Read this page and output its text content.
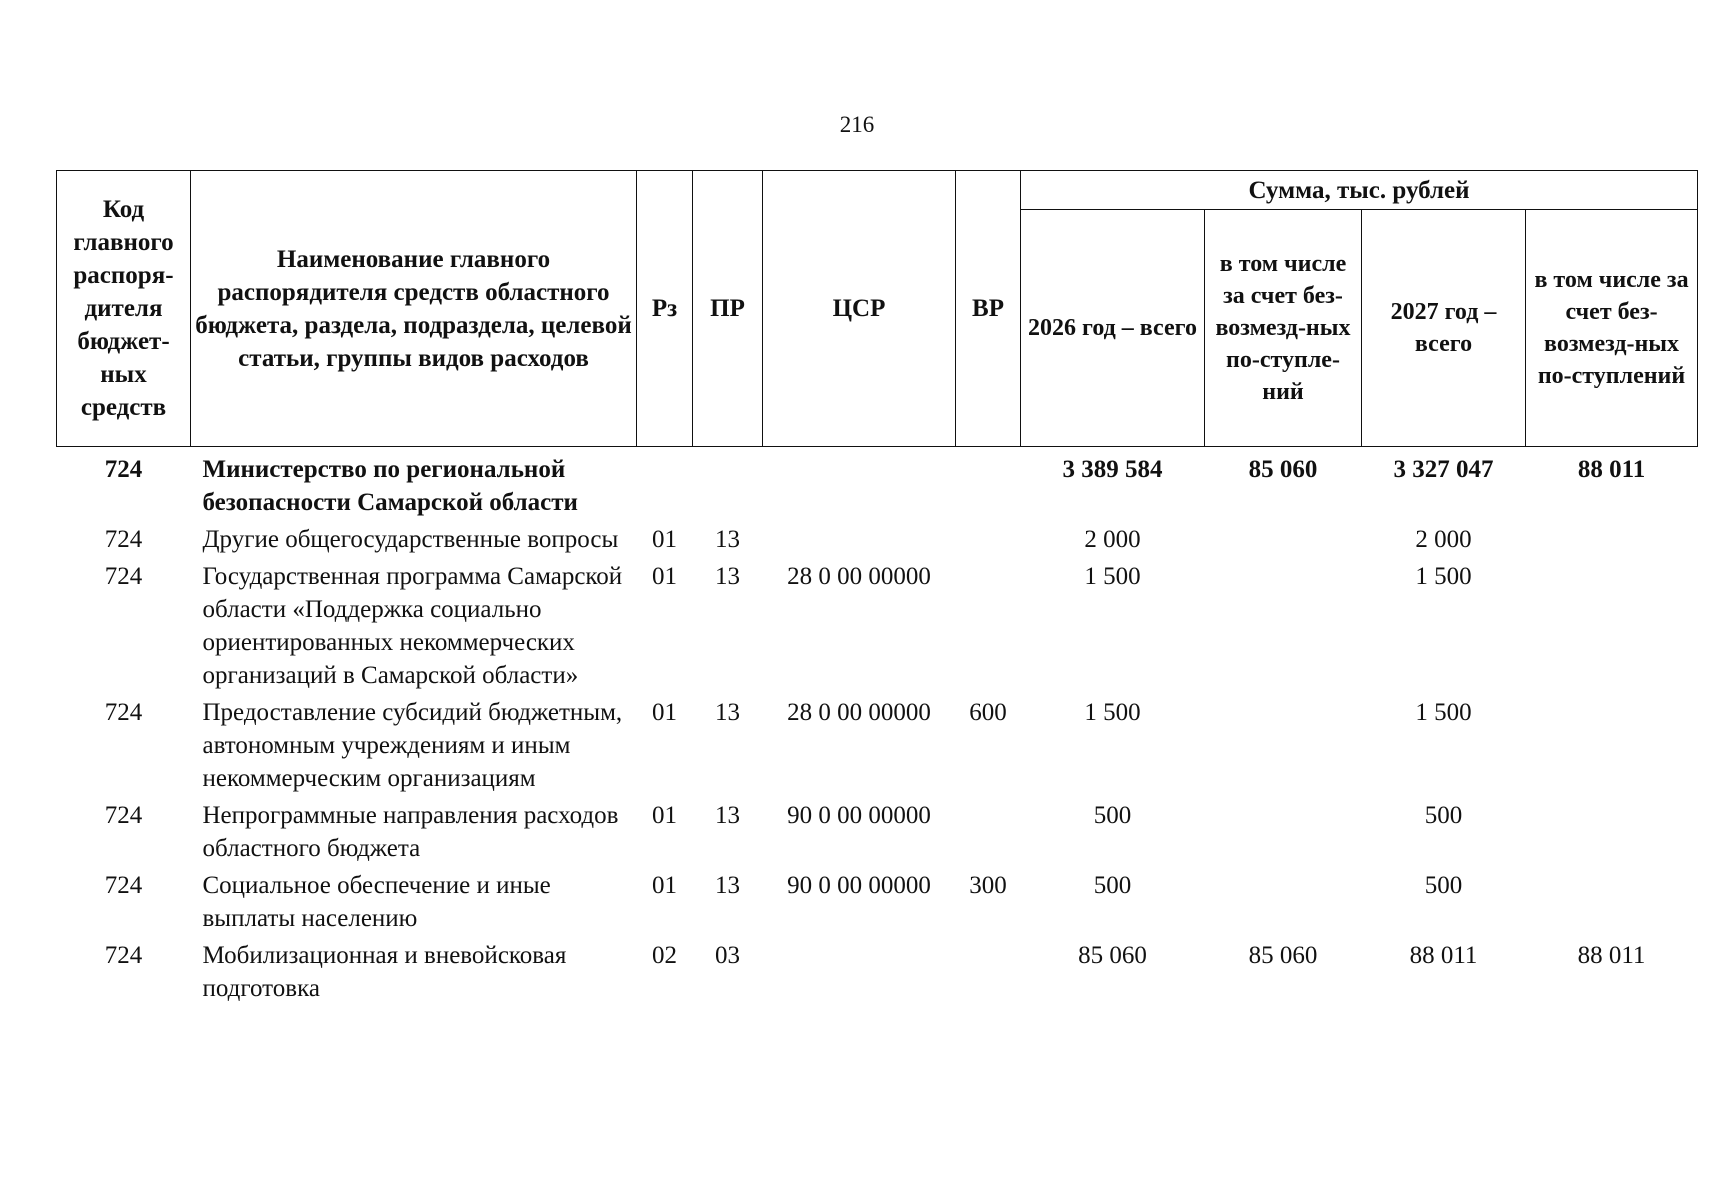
216
Код главного распоря-дителя бюджет-ных средств	Наименование главного распорядителя средств областного бюджета, раздела, подраздела, целевой статьи, группы видов расходов	Рз	ПР	ЦСР	ВР	Сумма, тыс. рублей			
						2026 год – всего	в том числе за счет без-возмезд-ных по-ступле-ний	2027 год – всего	в том числе за счет без-возмезд-ных по-ступлений
724	Министерство по региональной безопасности Самарской области					3 389 584	85 060	3 327 047	88 011
724	Другие общегосударственные вопросы	01	13			2 000		2 000	
724	Государственная программа Самарской области «Поддержка социально ориентированных некоммерческих организаций в Самарской области»	01	13	28 0 00 00000		1 500		1 500	
724	Предоставление субсидий бюджетным, автономным учреждениям и иным некоммерческим организациям	01	13	28 0 00 00000	600	1 500		1 500	
724	Непрограммные направления расходов областного бюджета	01	13	90 0 00 00000		500		500	
724	Социальное обеспечение и иные выплаты населению	01	13	90 0 00 00000	300	500		500	
724	Мобилизационная и вневойсковая подготовка	02	03			85 060	85 060	88 011	88 011
